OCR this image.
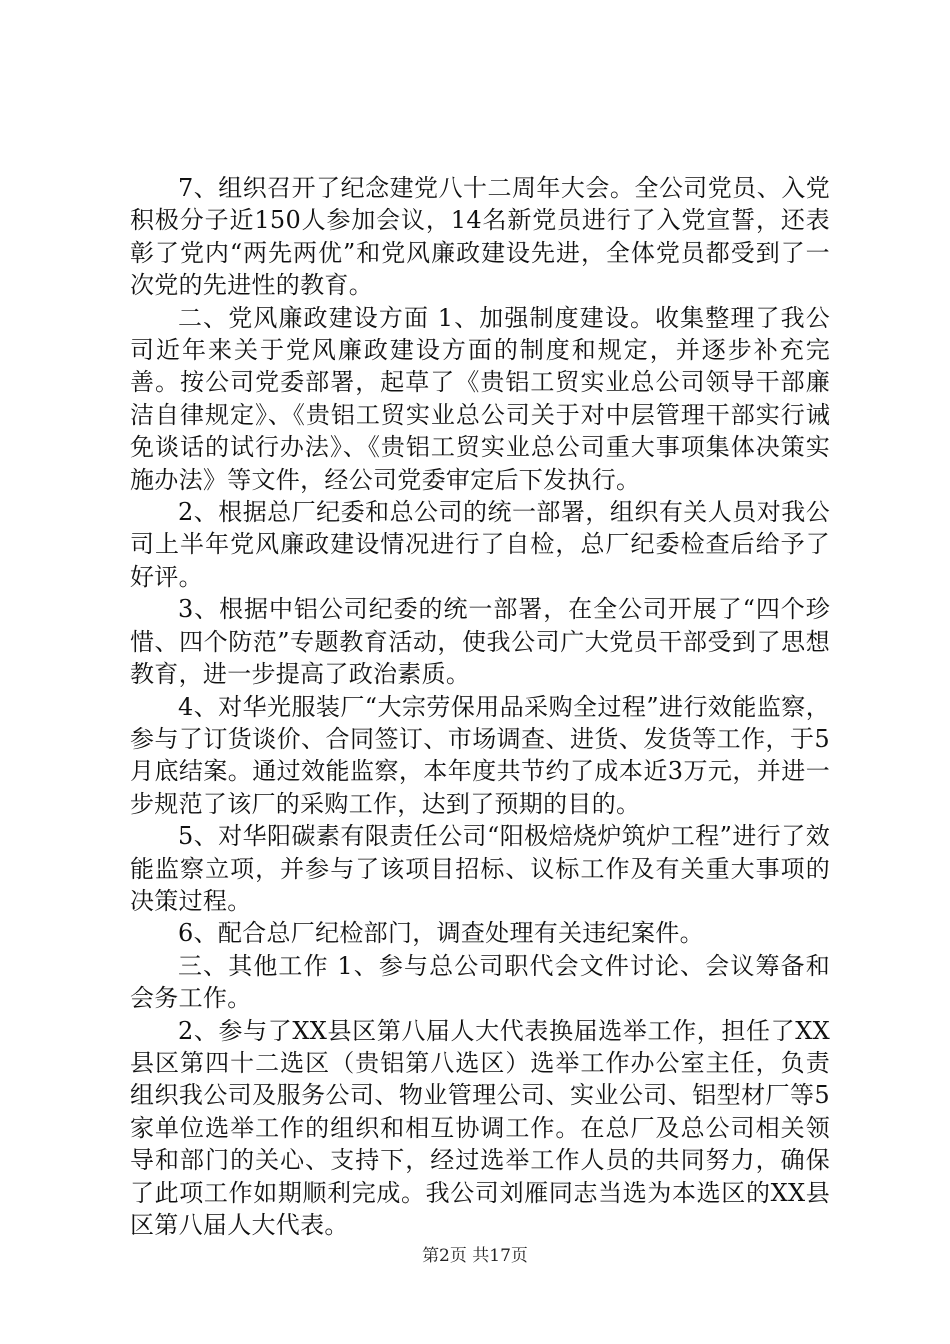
7、组织召开了纪念建党八十二周年大会。全公司党员、入党积极分子近150人参加会议，14名新党员进行了入党宣誓，还表彰了党内“两先两优”和党风廉政建设先进，全体党员都受到了一次党的先进性的教育。

二、党风廉政建设方面 1、加强制度建设。收集整理了我公司近年来关于党风廉政建设方面的制度和规定，并逐步补充完善。按公司党委部署，起草了《贵铝工贸实业总公司领导干部廉洁自律规定》、《贵铝工贸实业总公司关于对中层管理干部实行诫免谈话的试行办法》、《贵铝工贸实业总公司重大事项集体决策实施办法》等文件，经公司党委审定后下发执行。

2、根据总厂纪委和总公司的统一部署，组织有关人员对我公司上半年党风廉政建设情况进行了自检，总厂纪委检查后给予了好评。

3、根据中铝公司纪委的统一部署，在全公司开展了“四个珍惜、四个防范”专题教育活动，使我公司广大党员干部受到了思想教育，进一步提高了政治素质。

4、对华光服装厂“大宗劳保用品采购全过程”进行效能监察，参与了订货谈价、合同签订、市场调查、进货、发货等工作，于5月底结案。通过效能监察，本年度共节约了成本近3万元，并进一步规范了该厂的采购工作，达到了预期的目的。

5、对华阳碳素有限责任公司“阳极焙烧炉筑炉工程”进行了效能监察立项，并参与了该项目招标、议标工作及有关重大事项的决策过程。

6、配合总厂纪检部门，调查处理有关违纪案件。

三、其他工作 1、参与总公司职代会文件讨论、会议筹备和会务工作。

2、参与了XX县区第八届人大代表换届选举工作，担任了XX县区第四十二选区（贵铝第八选区）选举工作办公室主任，负责组织我公司及服务公司、物业管理公司、实业公司、铝型材厂等5家单位选举工作的组织和相互协调工作。在总厂及总公司相关领导和部门的关心、支持下，经过选举工作人员的共同努力，确保了此项工作如期顺利完成。我公司刘雁同志当选为本选区的XX县区第八届人大代表。

第2页 共17页
